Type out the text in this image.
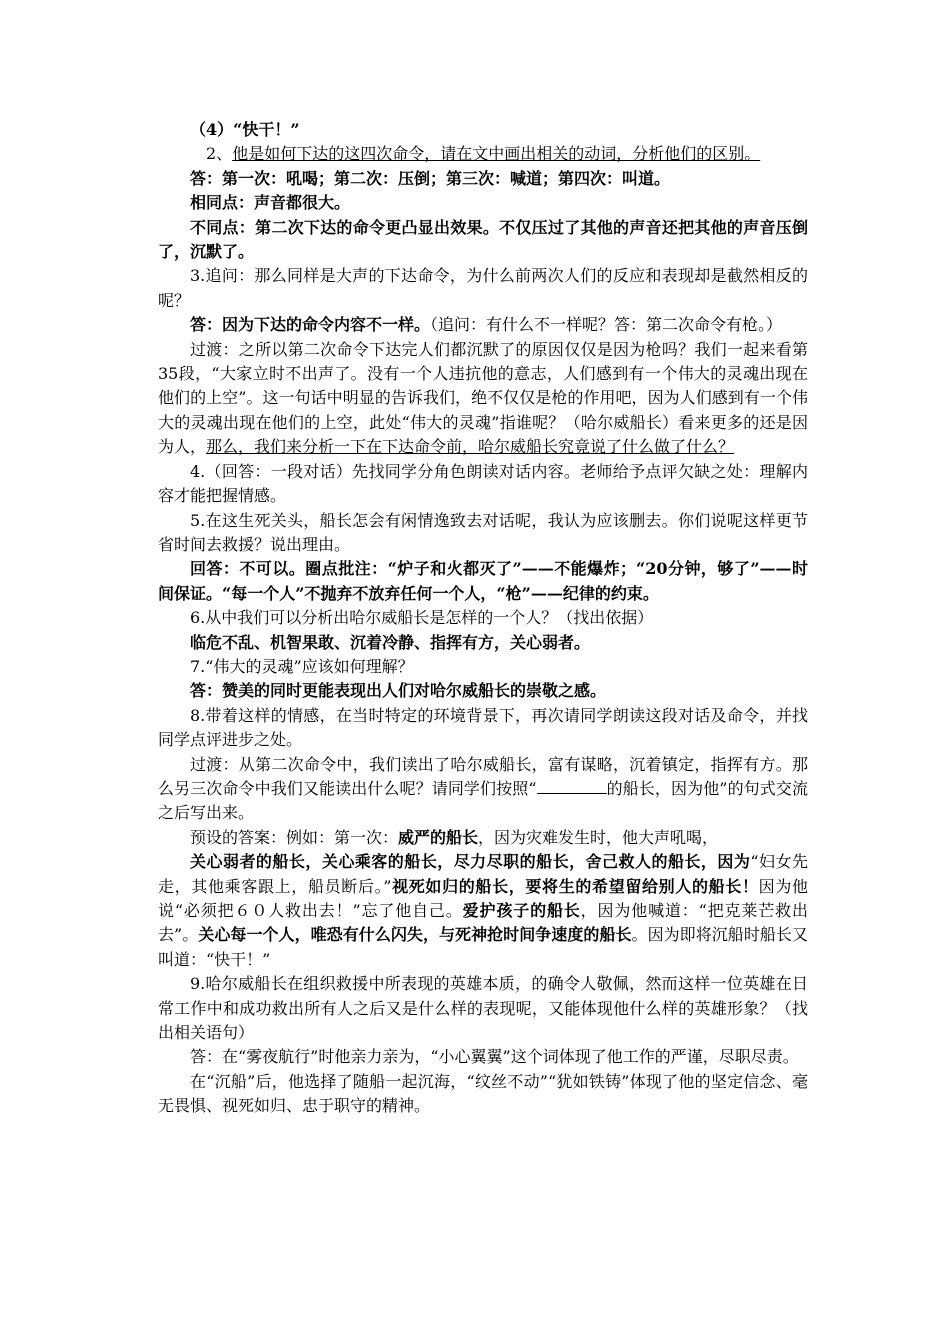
（4）“快干！”

2、他是如何下达的这四次命令，请在文中画出相关的动词，分析他们的区别。

答：第一次：吼喝；第二次：压倒；第三次：喊道；第四次：叫道。

相同点：声音都很大。

不同点：第二次下达的命令更凸显出效果。不仅压过了其他的声音还把其他的声音压倒了，沉默了。

3.追问：那么同样是大声的下达命令，为什么前两次人们的反应和表现却是截然相反的呢？

答：因为下达的命令内容不一样。（追问：有什么不一样呢？答：第二次命令有枪。）

过渡：之所以第二次命令下达完人们都沉默了的原因仅仅是因为枪吗？我们一起来看第35段，“大家立时不出声了。没有一个人违抗他的意志，人们感到有一个伟大的灵魂出现在他们的上空”。这一句话中明显的告诉我们，绝不仅仅是枪的作用吧，因为人们感到有一个伟大的灵魂出现在他们的上空，此处“伟大的灵魂”指谁呢？（哈尔威船长）看来更多的还是因为人，那么，我们来分析一下在下达命令前，哈尔威船长究竟说了什么做了什么？

4.（回答：一段对话）先找同学分角色朗读对话内容。老师给予点评欠缺之处：理解内容才能把握情感。

5.在这生死关头，船长怎会有闲情逸致去对话呢，我认为应该删去。你们说呢这样更节省时间去救援？说出理由。

回答：不可以。圈点批注：“炉子和火都灭了”——不能爆炸；“20分钟，够了”——时间保证。“每一个人”不抛弃不放弃任何一个人，“枪”——纪律的约束。

6.从中我们可以分析出哈尔威船长是怎样的一个人？（找出依据）

临危不乱、机智果敢、沉着冷静、指挥有方，关心弱者。

7.“伟大的灵魂”应该如何理解？

答：赞美的同时更能表现出人们对哈尔威船长的崇敬之感。

8.带着这样的情感，在当时特定的环境背景下，再次请同学朗读这段对话及命令，并找同学点评进步之处。

过渡：从第二次命令中，我们读出了哈尔威船长，富有谋略，沉着镇定，指挥有方。那么另三次命令中我们又能读出什么呢？请同学们按照“	的船长，因为他”的句式交流之后写出来。

预设的答案：例如：第一次：威严的船长，因为灾难发生时，他大声吼喝，

关心弱者的船长，关心乘客的船长，尽力尽职的船长，舍己救人的船长，因为“妇女先走，其他乘客跟上，船员断后。”视死如归的船长，要将生的希望留给别人的船长！因为他说“必须把６０人救出去！”忘了他自己。爱护孩子的船长，因为他喊道：“把克莱芒救出去”。关心每一个人，唯恐有什么闪失，与死神抢时间争速度的船长。因为即将沉船时船长又叫道：“快干！”

9.哈尔威船长在组织救援中所表现的英雄本质，的确令人敬佩，然而这样一位英雄在日常工作中和成功救出所有人之后又是什么样的表现呢，又能体现他什么样的英雄形象？（找出相关语句）

答：在“雾夜航行”时他亲力亲为，“小心翼翼”这个词体现了他工作的严谨，尽职尽责。

在“沉船”后，他选择了随船一起沉海，“纹丝不动”“犹如铁铸”体现了他的坚定信念、毫无畏惧、视死如归、忠于职守的精神。
